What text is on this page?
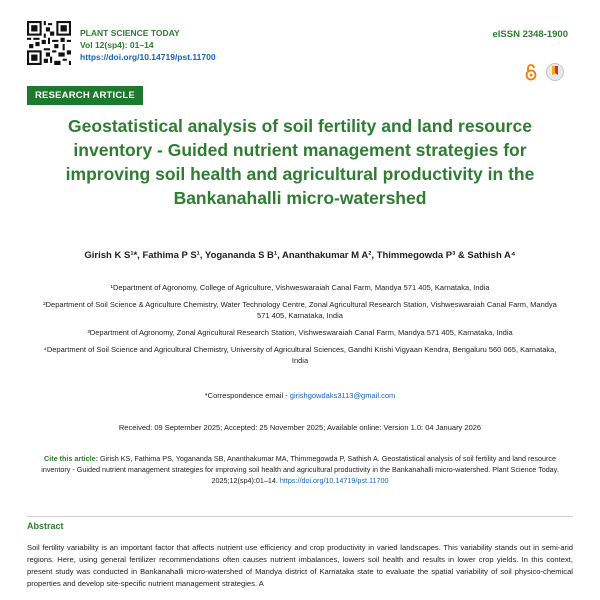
PLANT SCIENCE TODAY
Vol 12(sp4): 01–14
https://doi.org/10.14719/pst.11700
eISSN 2348-1900
RESEARCH ARTICLE
Geostatistical analysis of soil fertility and land resource inventory - Guided nutrient management strategies for improving soil health and agricultural productivity in the Bankanahalli micro-watershed
Girish K S¹*, Fathima P S¹, Yogananda S B¹, Ananthakumar M A², Thimmegowda P³ & Sathish A⁴

¹Department of Agronomy, College of Agriculture, Vishweswaraiah Canal Farm, Mandya 571 405, Karnataka, India

²Department of Soil Science & Agriculture Chemistry, Water Technology Centre, Zonal Agricultural Research Station, Vishweswaraiah Canal Farm, Mandya 571 405, Karnataka, India

³Department of Agronomy, Zonal Agricultural Research Station, Vishweswaraiah Canal Farm, Mandya 571 405, Karnataka, India

⁴Department of Soil Science and Agricultural Chemistry, University of Agricultural Sciences, Gandhi Krishi Vigyaan Kendra, Bengaluru 560 065, Karnataka, India

*Correspondence email - girishgowdaks3113@gmail.com
Received: 09 September 2025; Accepted: 25 November 2025; Available online: Version 1.0: 04 January 2026
Cite this article: Girish KS, Fathima PS, Yogananda SB, Ananthakumar MA, Thimmegowda P, Sathish A. Geostatistical analysis of soil fertility and land resource inventory - Guided nutrient management strategies for improving soil health and agricultural productivity in the Bankanahalli micro-watershed. Plant Science Today. 2025;12(sp4):01–14. https://doi.org/10.14719/pst.11700
Abstract
Soil fertility variability is an important factor that affects nutrient use efficiency and crop productivity in varied landscapes. This variability stands out in semi-arid regions. Here, using general fertilizer recommendations often causes nutrient imbalances, lowers soil health and results in lower crop yields. In this context, present study was conducted in Bankanahalli micro-watershed of Mandya district of Karnataka state to evaluate the spatial variability of soil physico-chemical properties and develop site-specific nutrient management strategies. A
